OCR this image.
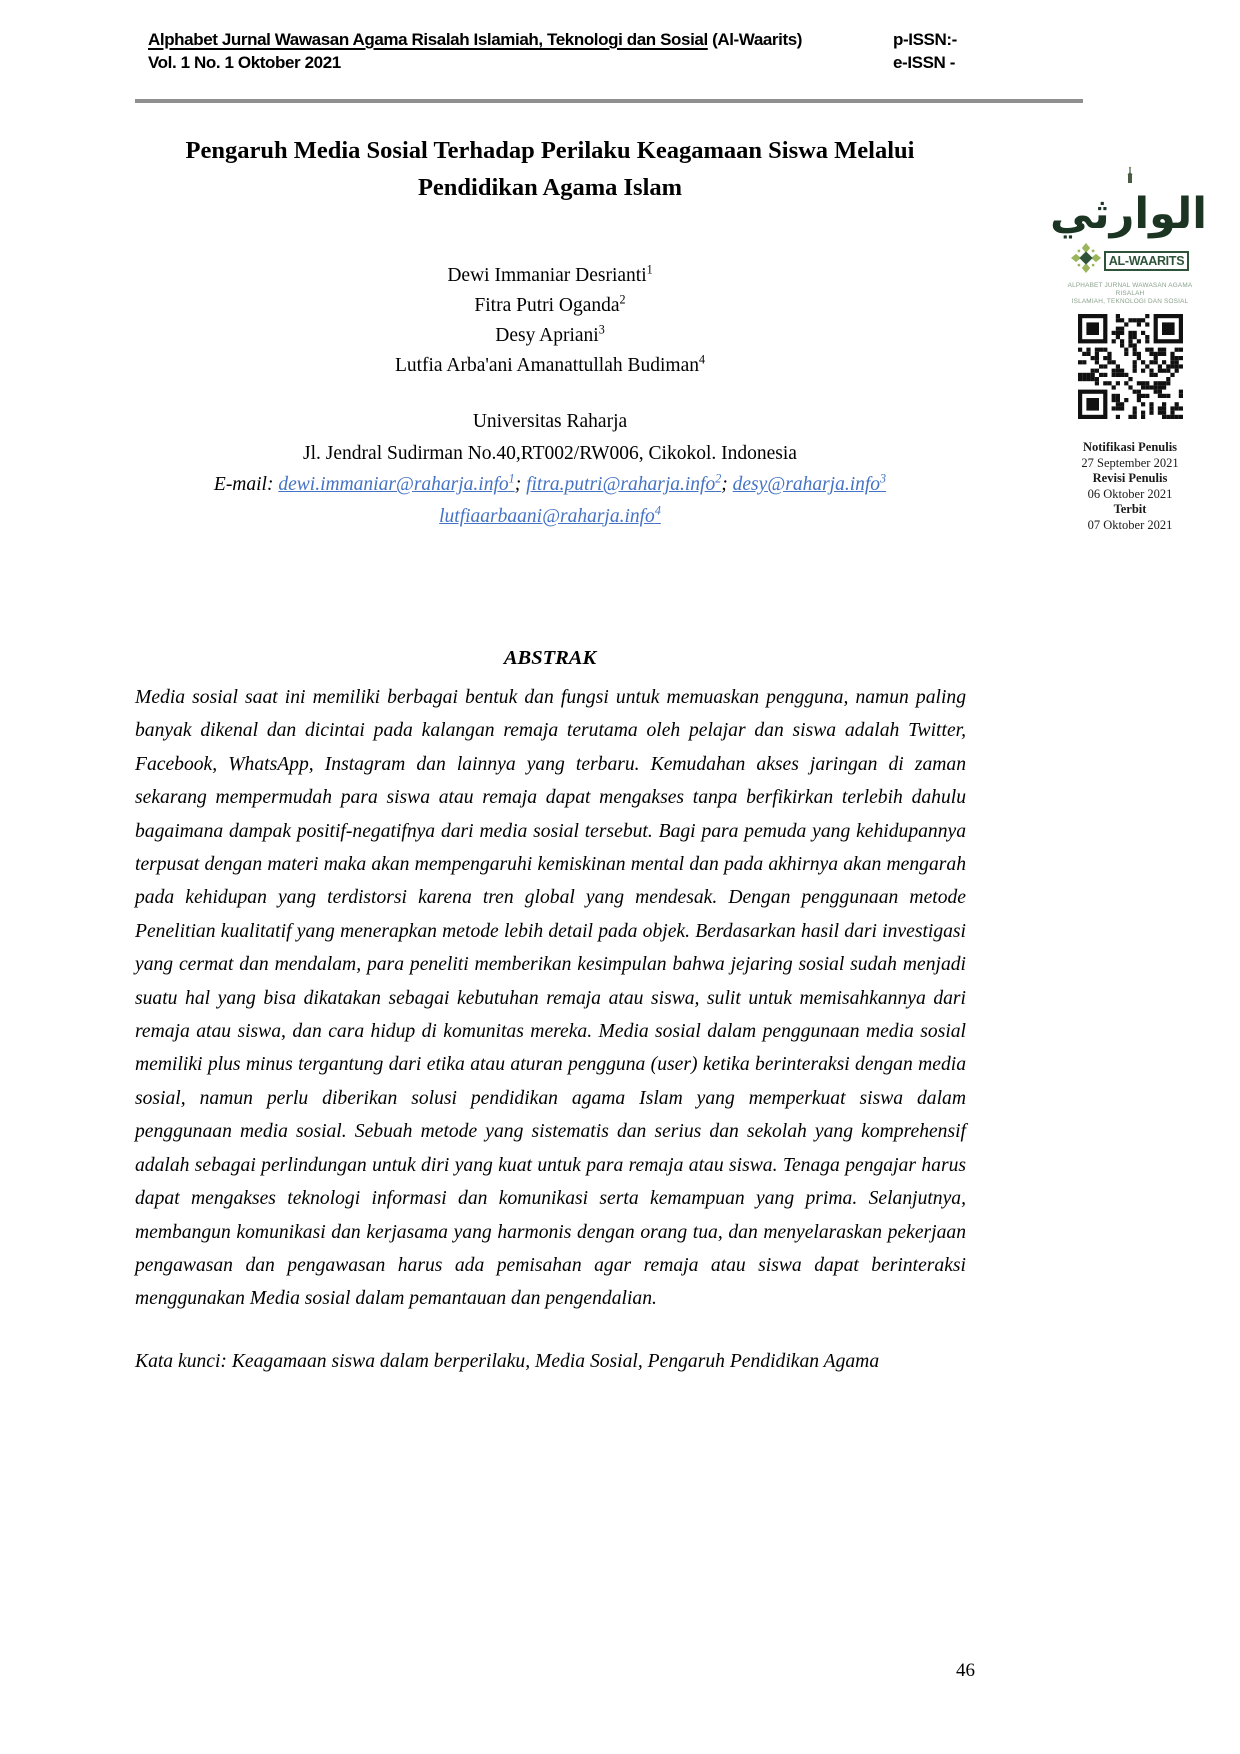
Alphabet Jurnal Wawasan Agama Risalah Islamiah, Teknologi dan Sosial (Al-Waarits)
Vol. 1 No. 1 Oktober 2021
p-ISSN:-
e-ISSN -
Pengaruh Media Sosial Terhadap Perilaku Keagamaan Siswa Melalui
Pendidikan Agama Islam
Dewi Immaniar Desrianti$^1$
Fitra Putri Oganda$^2$
Desy Apriani$^3$
Lutfia Arba'ani Amanattullah Budiman$^4$
Universitas Raharja
Jl. Jendral Sudirman No.40,RT002/RW006, Cikokol. Indonesia
E-mail: dewi.immaniar@raharja.info$^1$; fitra.putri@raharja.info$^2$; desy@raharja.info$^3$
lutfiaarbaani@raharja.info$^4$
ABSTRAK

Media sosial saat ini memiliki berbagai bentuk dan fungsi untuk memuaskan pengguna, namun paling banyak dikenal dan dicintai pada kalangan remaja terutama oleh pelajar dan siswa adalah Twitter, Facebook, WhatsApp, Instagram dan lainnya yang terbaru. Kemudahan akses jaringan di zaman sekarang mempermudah para siswa atau remaja dapat mengakses tanpa berfikirkan terlebih dahulu bagaimana dampak positif-negatifnya dari media sosial tersebut. Bagi para pemuda yang kehidupannya terpusat dengan materi maka akan mempengaruhi kemiskinan mental dan pada akhirnya akan mengarah pada kehidupan yang terdistorsi karena tren global yang mendesak. Dengan penggunaan metode Penelitian kualitatif yang menerapkan metode lebih detail pada objek. Berdasarkan hasil dari investigasi yang cermat dan mendalam, para peneliti memberikan kesimpulan bahwa jejaring sosial sudah menjadi suatu hal yang bisa dikatakan sebagai kebutuhan remaja atau siswa, sulit untuk memisahkannya dari remaja atau siswa, dan cara hidup di komunitas mereka. Media sosial dalam penggunaan media sosial memiliki plus minus tergantung dari etika atau aturan pengguna (user) ketika berinteraksi dengan media sosial, namun perlu diberikan solusi pendidikan agama Islam yang memperkuat siswa dalam penggunaan media sosial. Sebuah metode yang sistematis dan serius dan sekolah yang komprehensif adalah sebagai perlindungan untuk diri yang kuat untuk para remaja atau siswa. Tenaga pengajar harus dapat mengakses teknologi informasi dan komunikasi serta kemampuan yang prima. Selanjutnya, membangun komunikasi dan kerjasama yang harmonis dengan orang tua, dan menyelaraskan pekerjaan pengawasan dan pengawasan harus ada pemisahan agar remaja atau siswa dapat berinteraksi menggunakan Media sosial dalam pemantauan dan pengendalian.

Kata kunci: Keagamaan siswa dalam berperilaku, Media Sosial, Pengaruh Pendidikan Agama

الوارثي
AL-WAARITS
ALPHABET JURNAL WAWASAN AGAMA RISALAH
ISLAMIAH, TEKNOLOGI DAN SOSIAL
Notifikasi Penulis
27 September 2021
Revisi Penulis
06 Oktober 2021
Terbit
07 Oktober 2021
46
